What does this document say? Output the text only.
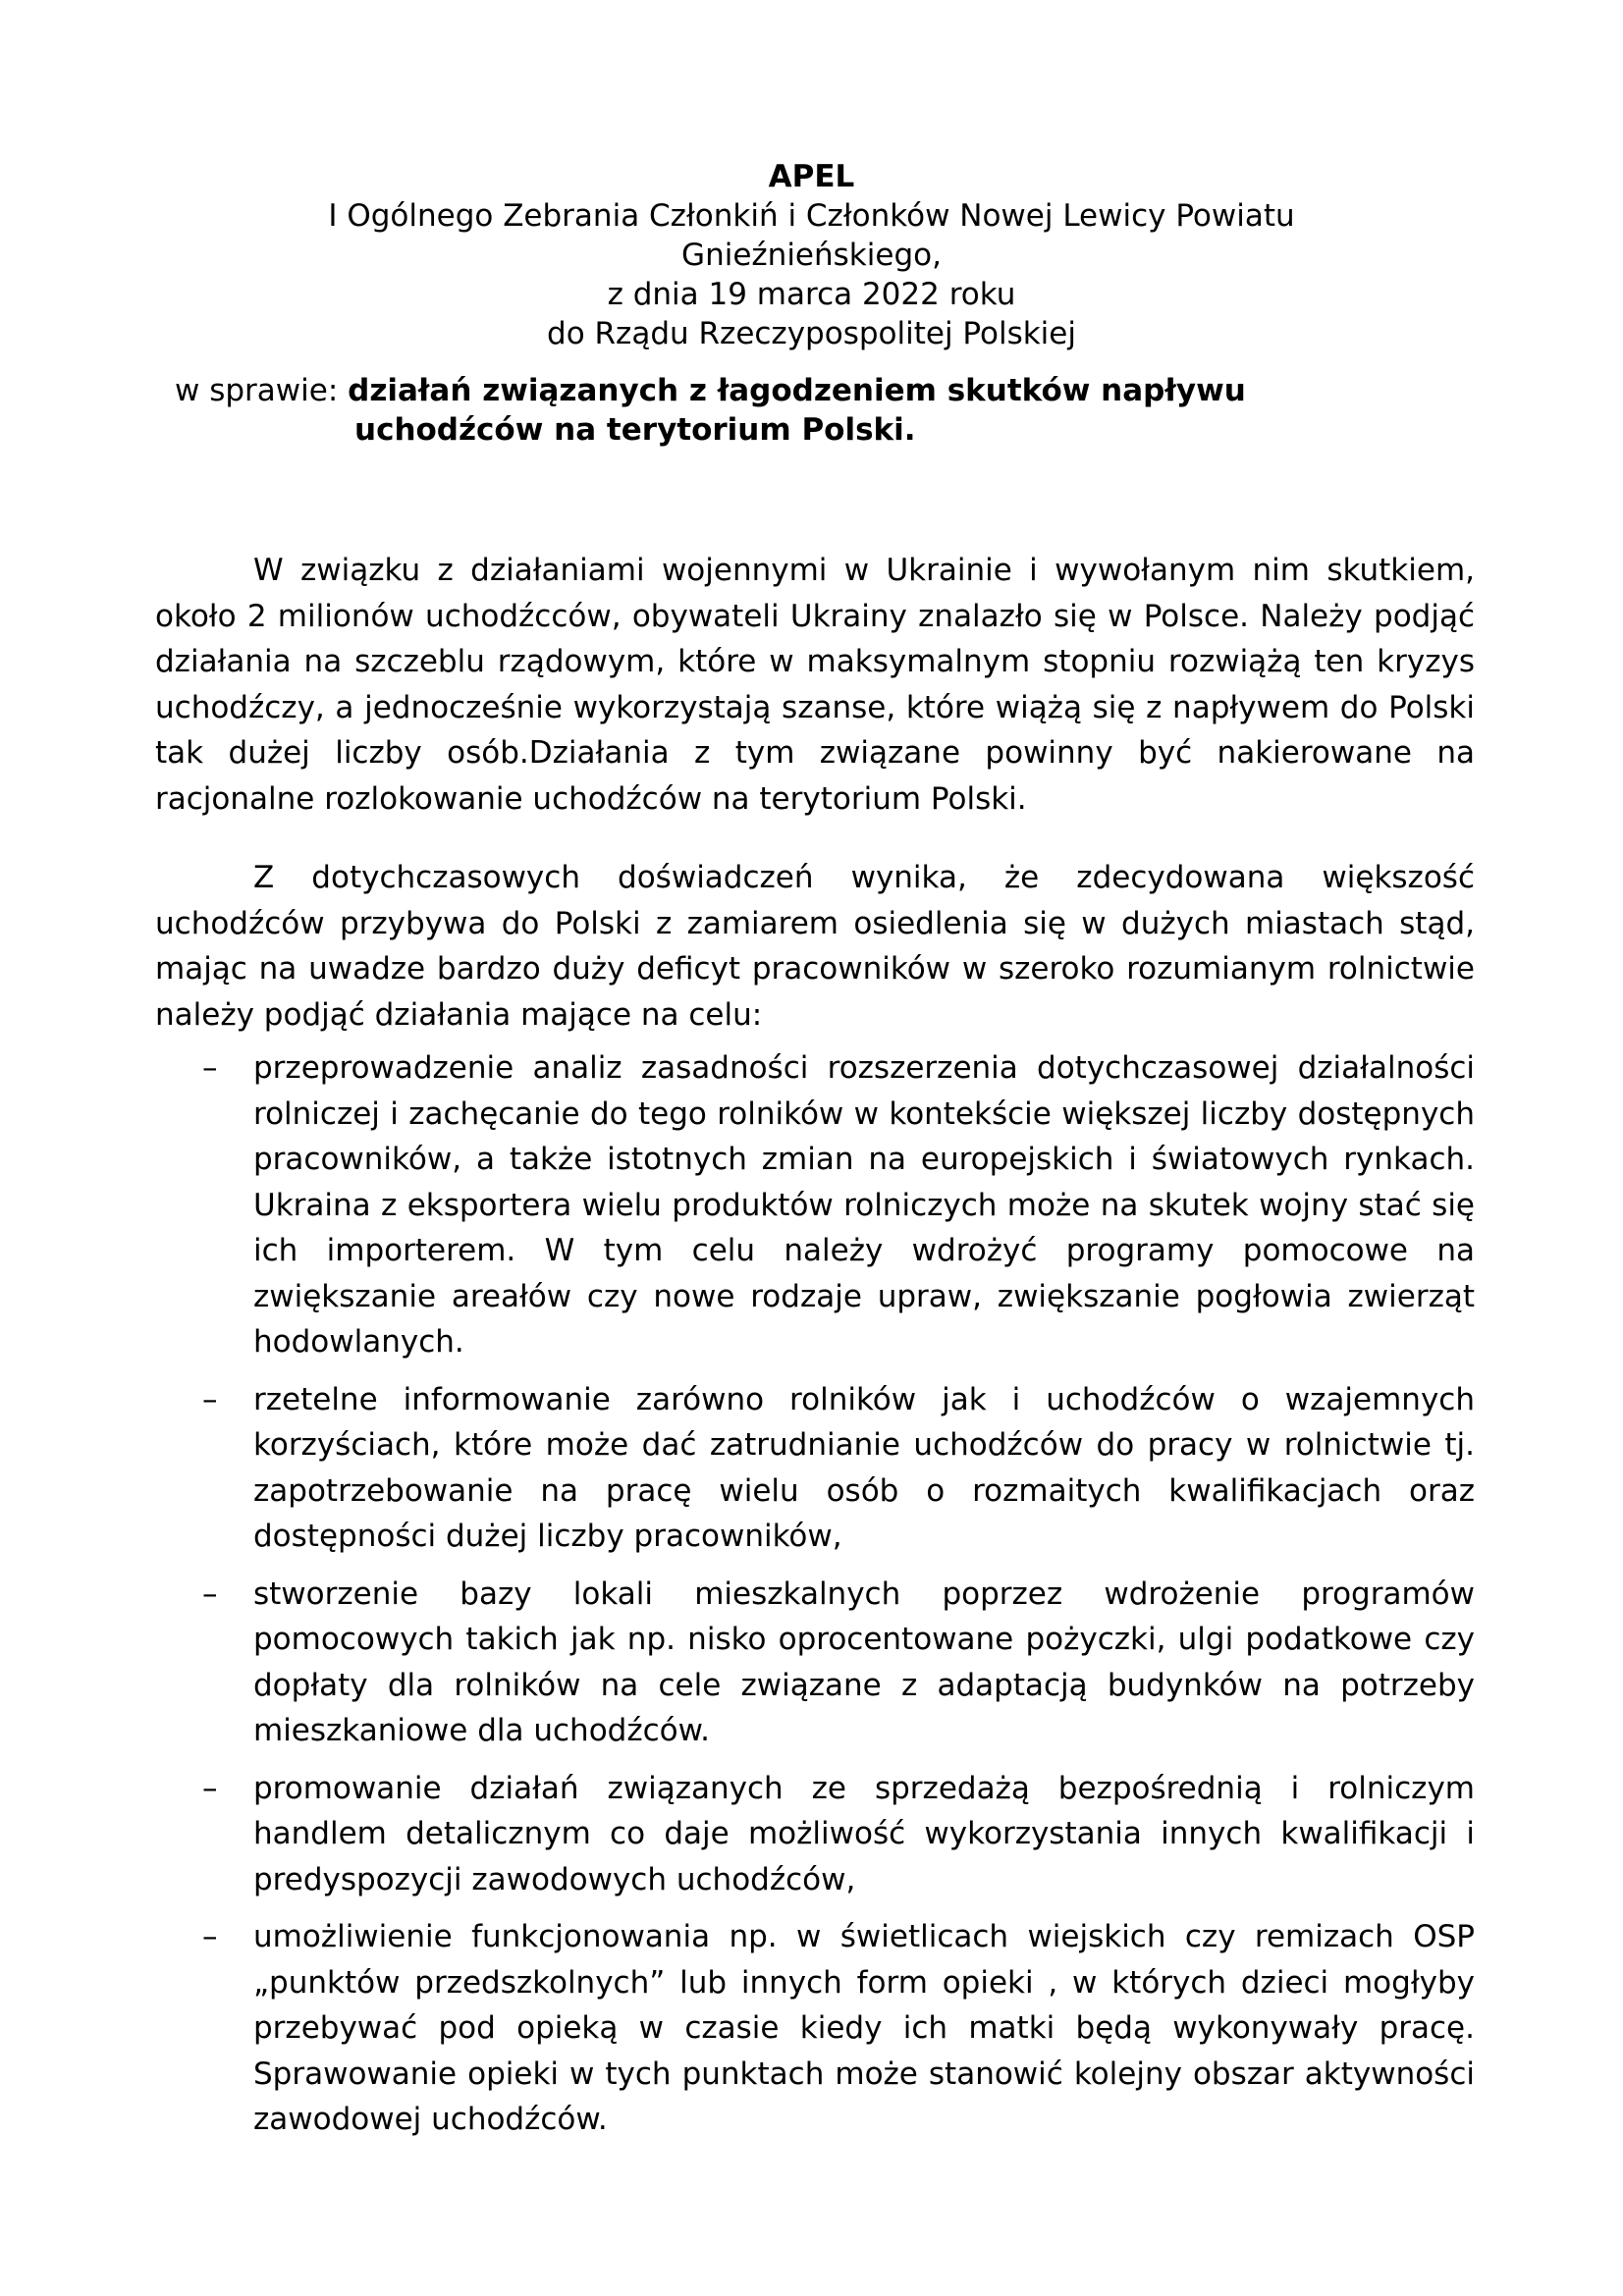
APEL

I Ogólnego Zebrania Członkiń i Członków Nowej Lewicy Powiatu

Gnieźnieńskiego,

z dnia 19 marca 2022 roku

do Rządu Rzeczypospolitej Polskiej

w sprawie: działań związanych z łagodzeniem skutków napływu
uchodźców na terytorium Polski.

W związku z działaniami wojennymi w Ukrainie i wywołanym nim skutkiem, około 2 milionów uchodźcców, obywateli Ukrainy znalazło się w Polsce. Należy podjąć działania na szczeblu rządowym, które w maksymalnym stopniu rozwiążą ten kryzys uchodźczy, a jednocześnie wykorzystają szanse, które wiążą się z napływem do Polski tak dużej liczby osób.Działania z tym związane powinny być nakierowane na racjonalne rozlokowanie uchodźców na terytorium Polski.

Z dotychczasowych doświadczeń wynika, że zdecydowana większość uchodźców przybywa do Polski z zamiarem osiedlenia się w dużych miastach stąd, mając na uwadze bardzo duży deficyt pracowników w szeroko rozumianym rolnictwie należy podjąć działania mające na celu:

– przeprowadzenie analiz zasadności rozszerzenia dotychczasowej działalności rolniczej i zachęcanie do tego rolników w kontekście większej liczby dostępnych pracowników, a także istotnych zmian na europejskich i światowych rynkach. Ukraina z eksportera wielu produktów rolniczych może na skutek wojny stać się ich importerem. W tym celu należy wdrożyć programy pomocowe na zwiększanie areałów czy nowe rodzaje upraw, zwiększanie pogłowia zwierząt hodowlanych.
– rzetelne informowanie zarówno rolników jak i uchodźców o wzajemnych korzyściach, które może dać zatrudnianie uchodźców do pracy w rolnictwie tj. zapotrzebowanie na pracę wielu osób o rozmaitych kwalifikacjach oraz dostępności dużej liczby pracowników,
– stworzenie bazy lokali mieszkalnych poprzez wdrożenie programów pomocowych takich jak np. nisko oprocentowane pożyczki, ulgi podatkowe czy dopłaty dla rolników na cele związane z adaptacją budynków na potrzeby mieszkaniowe dla uchodźców.
– promowanie działań związanych ze sprzedażą bezpośrednią i rolniczym handlem detalicznym co daje możliwość wykorzystania innych kwalifikacji i predyspozycji zawodowych uchodźców,
– umożliwienie funkcjonowania np. w świetlicach wiejskich czy remizach OSP „punktów przedszkolnych” lub innych form opieki , w których dzieci mogłyby przebywać pod opieką w czasie kiedy ich matki będą wykonywały pracę. Sprawowanie opieki w tych punktach może stanowić kolejny obszar aktywności zawodowej uchodźców.
